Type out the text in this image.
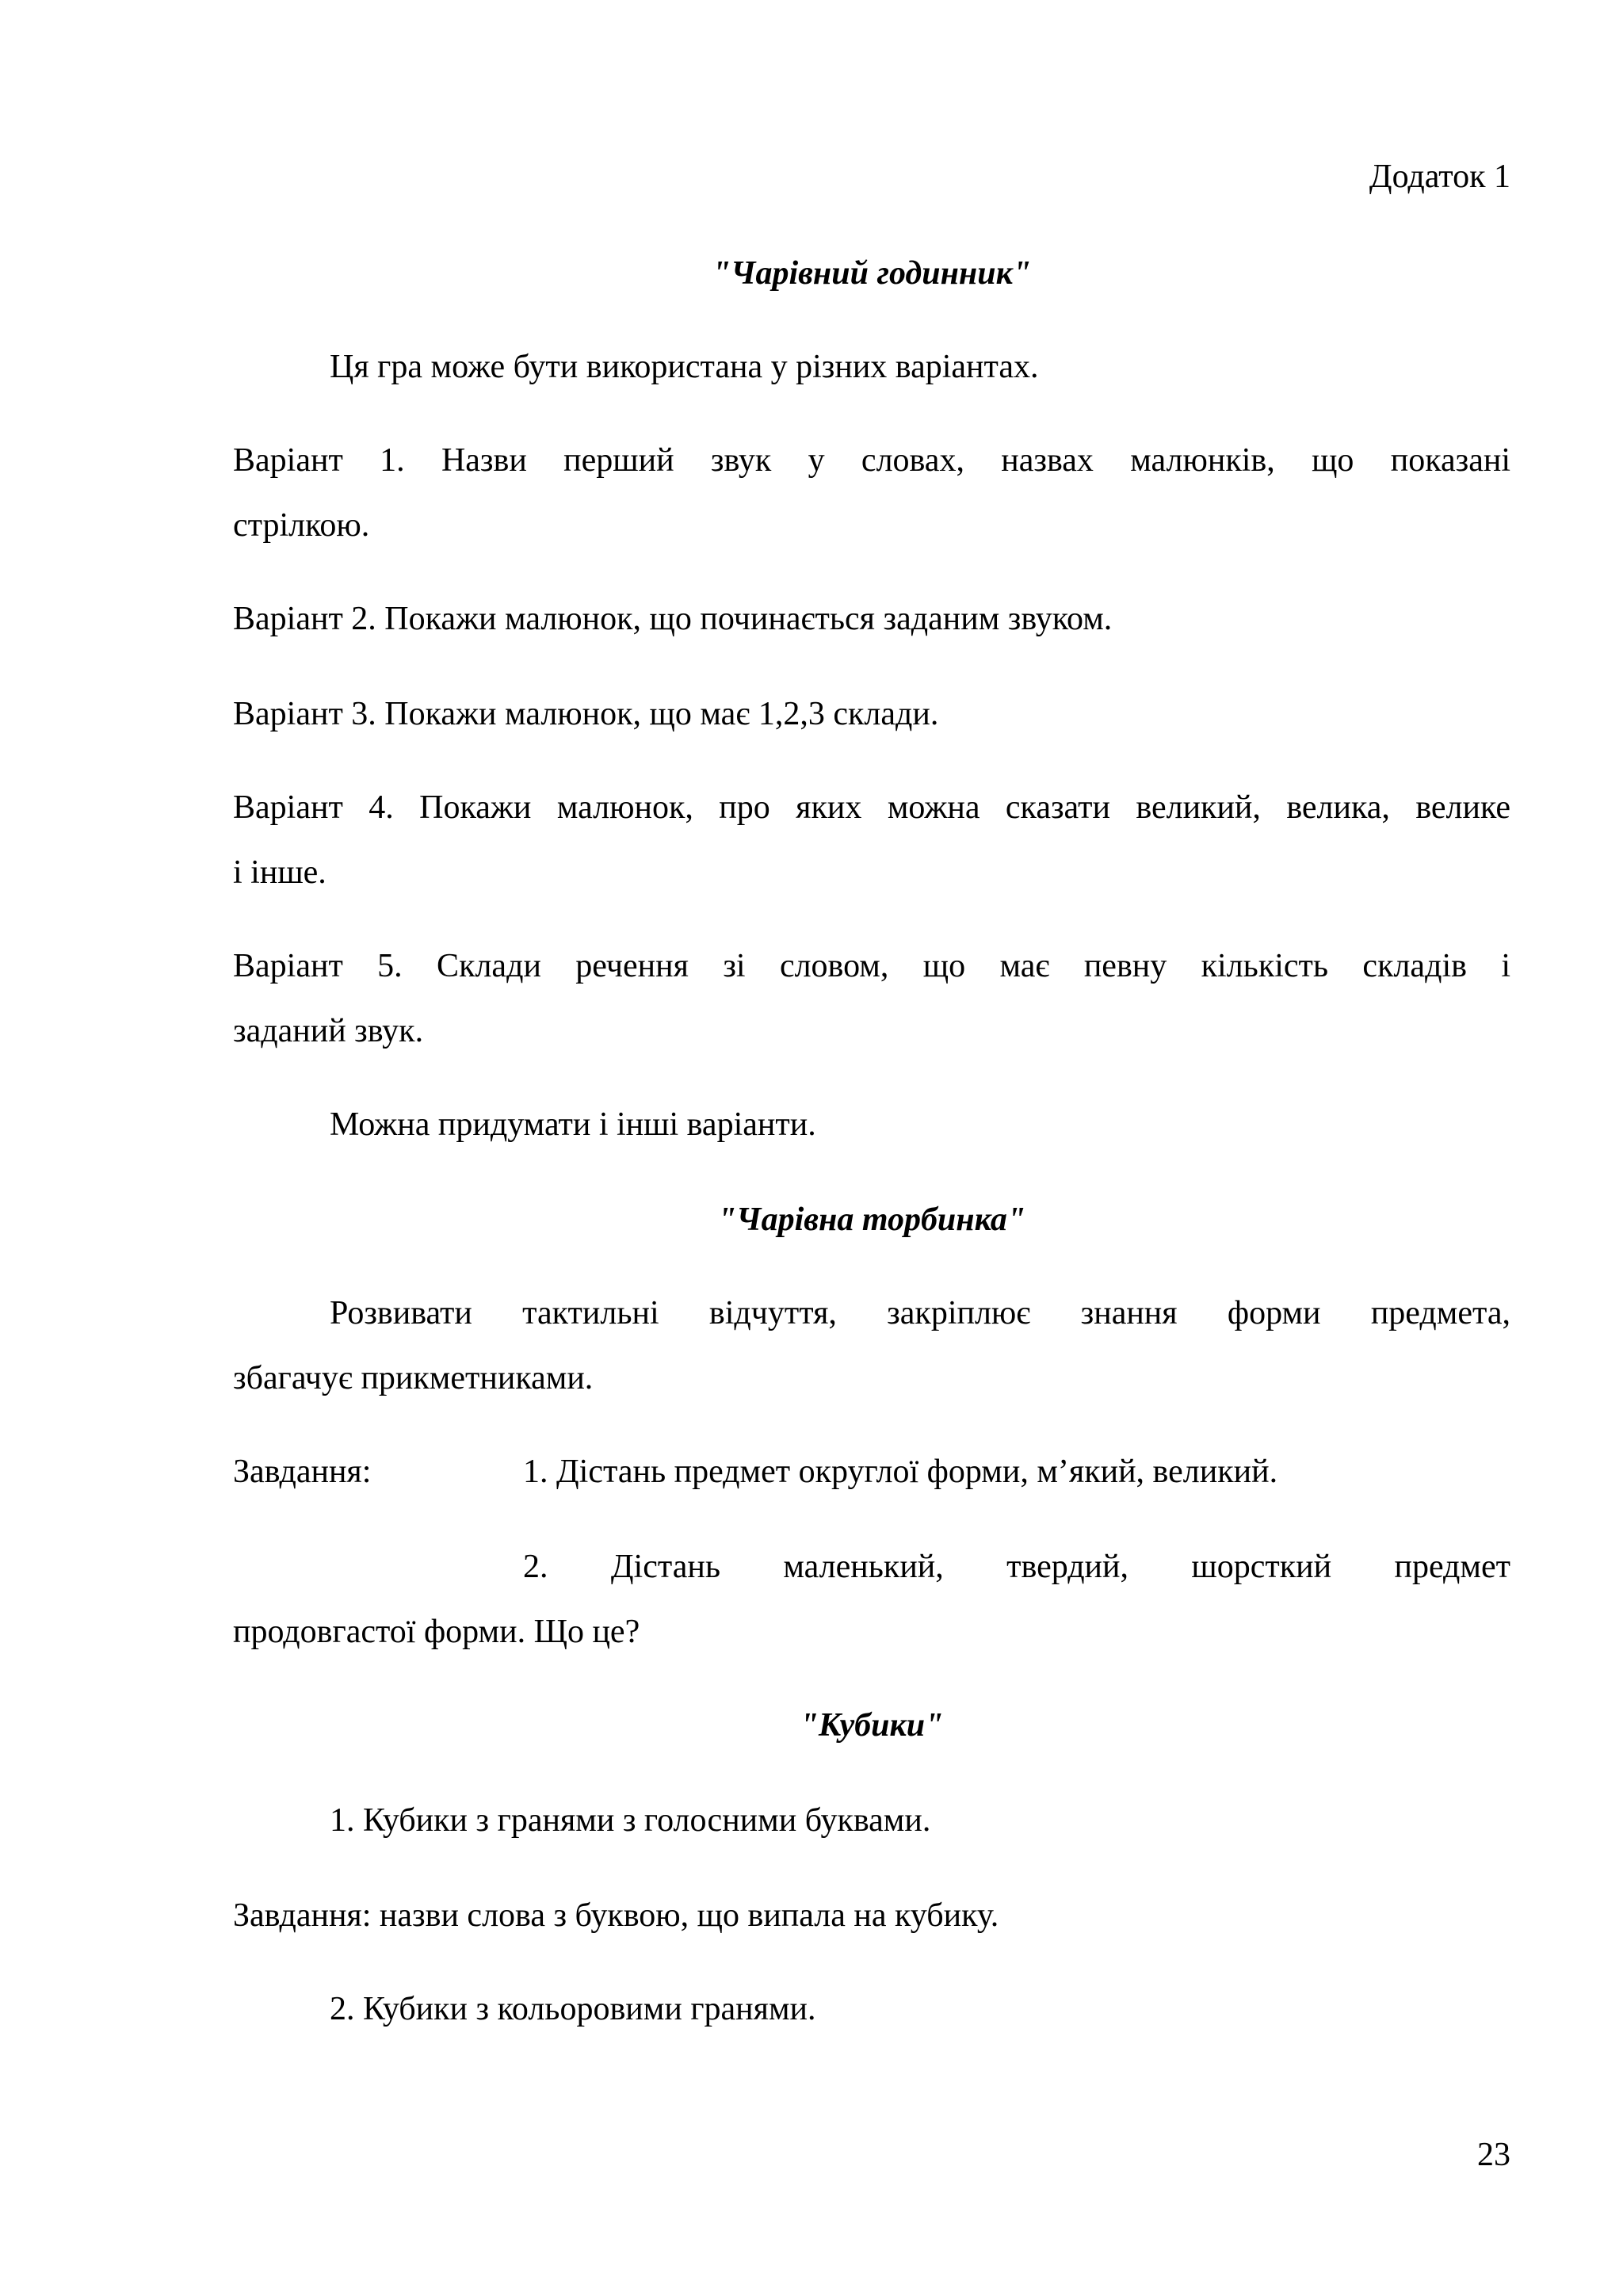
Додаток 1
"Чарівний годинник"
Ця гра може бути використана у різних варіантах.
Варіант 1. Назви перший звук у словах, назвах малюнків, що показані
стрілкою.
Варіант 2. Покажи малюнок, що починається заданим звуком.
Варіант 3. Покажи малюнок, що має 1,2,3 склади.
Варіант 4. Покажи малюнок, про яких можна сказати великий, велика, велике
і інше.
Варіант 5. Склади речення зі словом, що має певну кількість складів і
заданий звук.
Можна придумати і інші варіанти.
"Чарівна торбинка"
Розвивати тактильні відчуття, закріплює знання форми предмета,
збагачує прикметниками.
Завдання:	1. Дістань предмет округлої форми, м’який, великий.
2. Дістань маленький, твердий, шорсткий предмет
продовгастої форми. Що це?
"Кубики"
1. Кубики з гранями з голосними буквами.
Завдання: назви слова з буквою, що випала на кубику.
2. Кубики з кольоровими гранями.
23
